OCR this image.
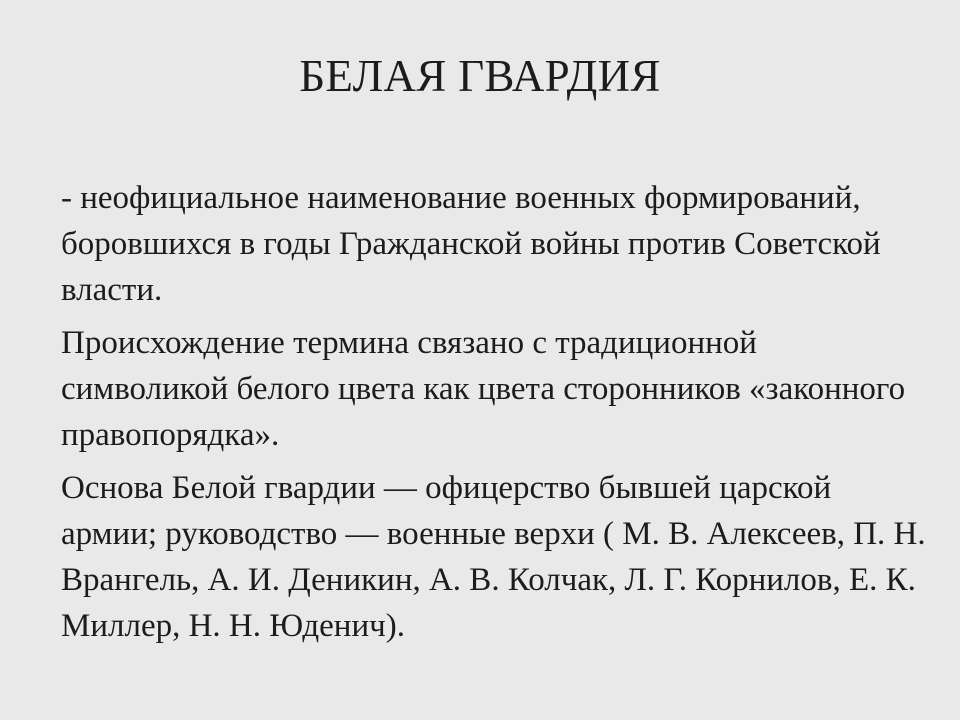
БЕЛАЯ ГВАРДИЯ

- неофициальное наименование военных формирований, боровшихся в годы Гражданской войны против Советской власти.

Происхождение термина связано с традиционной символикой белого цвета как цвета сторонников «законного правопорядка».

Основа Белой гвардии — офицерство бывшей царской армии; руководство — военные верхи ( М. В. Алексеев, П. Н. Врангель, А. И. Деникин, А. В. Колчак, Л. Г. Корнилов, Е. К. Миллер, Н. Н. Юденич).
